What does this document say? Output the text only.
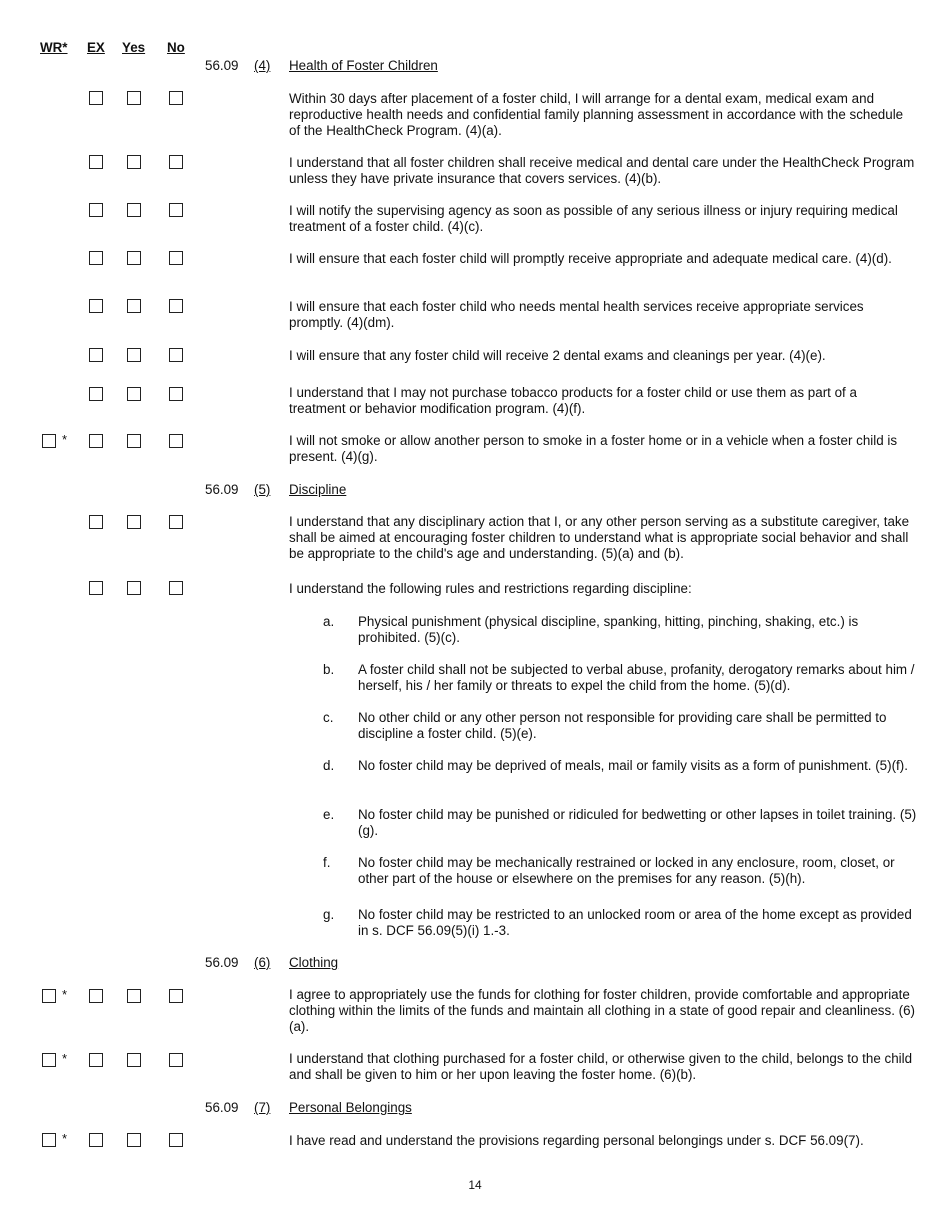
WR* EX Yes No
56.09 (4) Health of Foster Children
Within 30 days after placement of a foster child, I will arrange for a dental exam, medical exam and reproductive health needs and confidential family planning assessment in accordance with the schedule of the HealthCheck Program. (4)(a).
I understand that all foster children shall receive medical and dental care under the HealthCheck Program unless they have private insurance that covers services. (4)(b).
I will notify the supervising agency as soon as possible of any serious illness or injury requiring medical treatment of a foster child. (4)(c).
I will ensure that each foster child will promptly receive appropriate and adequate medical care. (4)(d).
I will ensure that each foster child who needs mental health services receive appropriate services promptly. (4)(dm).
I will ensure that any foster child will receive 2 dental exams and cleanings per year. (4)(e).
I understand that I may not purchase tobacco products for a foster child or use them as part of a treatment or behavior modification program. (4)(f).
*	I will not smoke or allow another person to smoke in a foster home or in a vehicle when a foster child is present. (4)(g).
56.09 (5) Discipline
I understand that any disciplinary action that I, or any other person serving as a substitute caregiver, take shall be aimed at encouraging foster children to understand what is appropriate social behavior and shall be appropriate to the child's age and understanding. (5)(a) and (b).
I understand the following rules and restrictions regarding discipline:
a. Physical punishment (physical discipline, spanking, hitting, pinching, shaking, etc.) is prohibited. (5)(c).
b. A foster child shall not be subjected to verbal abuse, profanity, derogatory remarks about him / herself, his / her family or threats to expel the child from the home. (5)(d).
c. No other child or any other person not responsible for providing care shall be permitted to discipline a foster child. (5)(e).
d. No foster child may be deprived of meals, mail or family visits as a form of punishment. (5)(f).
e. No foster child may be punished or ridiculed for bedwetting or other lapses in toilet training. (5)(g).
f. No foster child may be mechanically restrained or locked in any enclosure, room, closet, or other part of the house or elsewhere on the premises for any reason. (5)(h).
g. No foster child may be restricted to an unlocked room or area of the home except as provided in s. DCF 56.09(5)(i) 1.-3.
56.09 (6) Clothing
*	I agree to appropriately use the funds for clothing for foster children, provide comfortable and appropriate clothing within the limits of the funds and maintain all clothing in a state of good repair and cleanliness. (6)(a).
*	I understand that clothing purchased for a foster child, or otherwise given to the child, belongs to the child and shall be given to him or her upon leaving the foster home. (6)(b).
56.09 (7) Personal Belongings
*	I have read and understand the provisions regarding personal belongings under s. DCF 56.09(7).
14
